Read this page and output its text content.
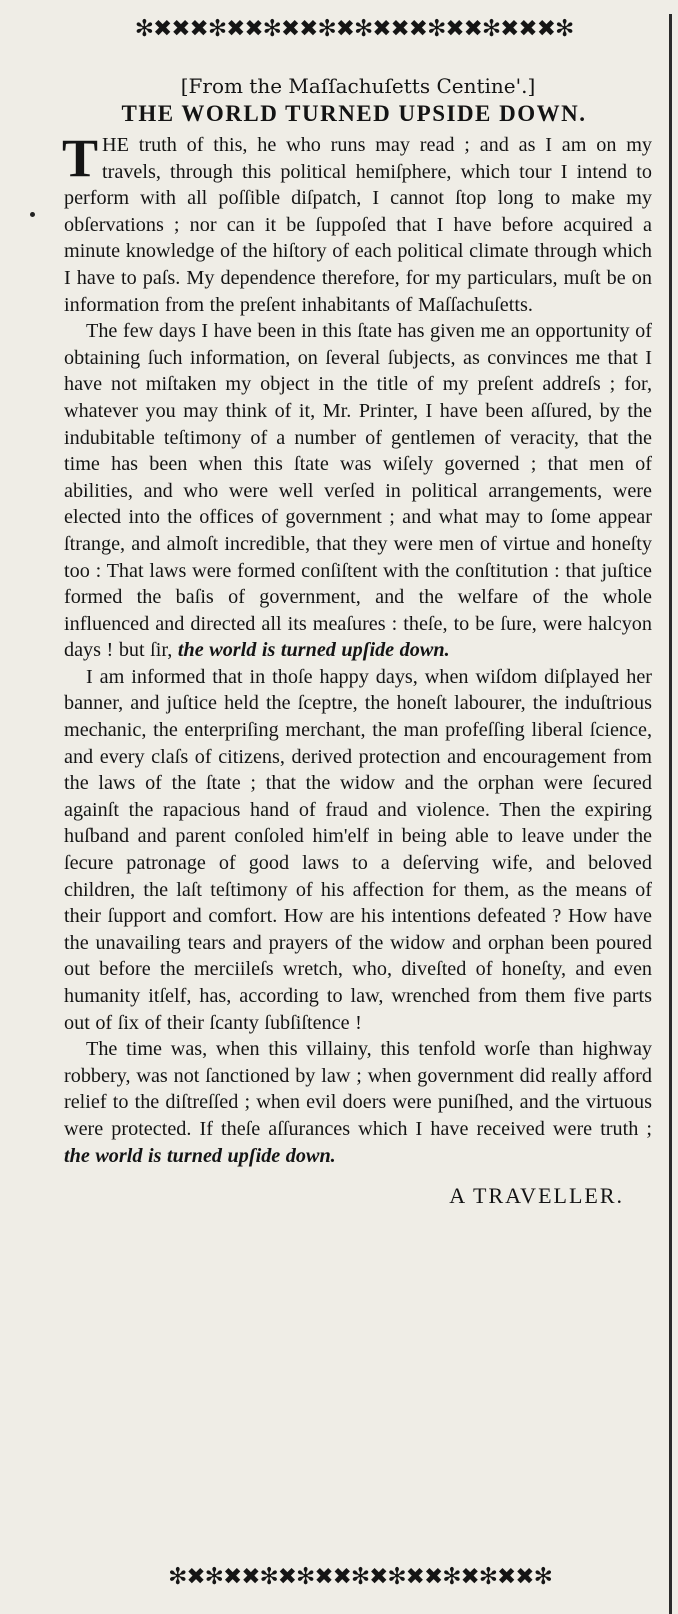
✻✖✖✖✻✖✖✻✖✖✻✖✻✖✖✖✻✖✖✻✖✖✖✻
[From the Maſſachuſetts Centine'.]
THE WORLD TURNED UPSIDE DOWN.

THE truth of this, he who runs may read ; and as I am on my travels, through this political hemiſphere, which tour I intend to perform with all poſſible diſpatch, I cannot ſtop long to make my obſervations ; nor can it be ſuppoſed that I have before acquired a minute knowledge of the hiſtory of each political climate through which I have to paſs. My dependence therefore, for my particulars, muſt be on information from the preſent inhabitants of Maſſachuſetts.

The few days I have been in this ſtate has given me an opportunity of obtaining ſuch information, on ſeveral ſubjects, as convinces me that I have not miſtaken my object in the title of my preſent addreſs ; for, whatever you may think of it, Mr. Printer, I have been aſſured, by the indubitable teſtimony of a number of gentlemen of veracity, that the time has been when this ſtate was wiſely governed ; that men of abilities, and who were well verſed in political arrangements, were elected into the offices of government ; and what may to ſome appear ſtrange, and almoſt incredible, that they were men of virtue and honeſty too : That laws were formed conſiſtent with the conſtitution : that juſtice formed the baſis of government, and the welfare of the whole influenced and directed all its meaſures : theſe, to be ſure, were halcyon days ! but ſir, the world is turned upſide down.

I am informed that in thoſe happy days, when wiſdom diſplayed her banner, and juſtice held the ſceptre, the honeſt labourer, the induſtrious mechanic, the enterpriſing merchant, the man profeſſing liberal ſcience, and every claſs of citizens, derived protection and encouragement from the laws of the ſtate ; that the widow and the orphan were ſecured againſt the rapacious hand of fraud and violence. Then the expiring huſband and parent conſoled him'elf in being able to leave under the ſecure patronage of good laws to a deſerving wife, and beloved children, the laſt teſtimony of his affection for them, as the means of their ſupport and comfort. How are his intentions defeated ? How have the unavailing tears and prayers of the widow and orphan been poured out before the merciileſs wretch, who, diveſted of honeſty, and even humanity itſelf, has, according to law, wrenched from them five parts out of ſix of their ſcanty ſubſiſtence !

The time was, when this villainy, this tenfold worſe than highway robbery, was not ſanctioned by law ; when government did really afford relief to the diſtreſſed ; when evil doers were puniſhed, and the virtuous were protected. If theſe aſſurances which I have received were truth ; the world is turned upſide down.

A TRAVELLER.
✻✖✻✖✖✻✖✻✖✖✻✖✻✖✖✻✖✻✖✖✻
